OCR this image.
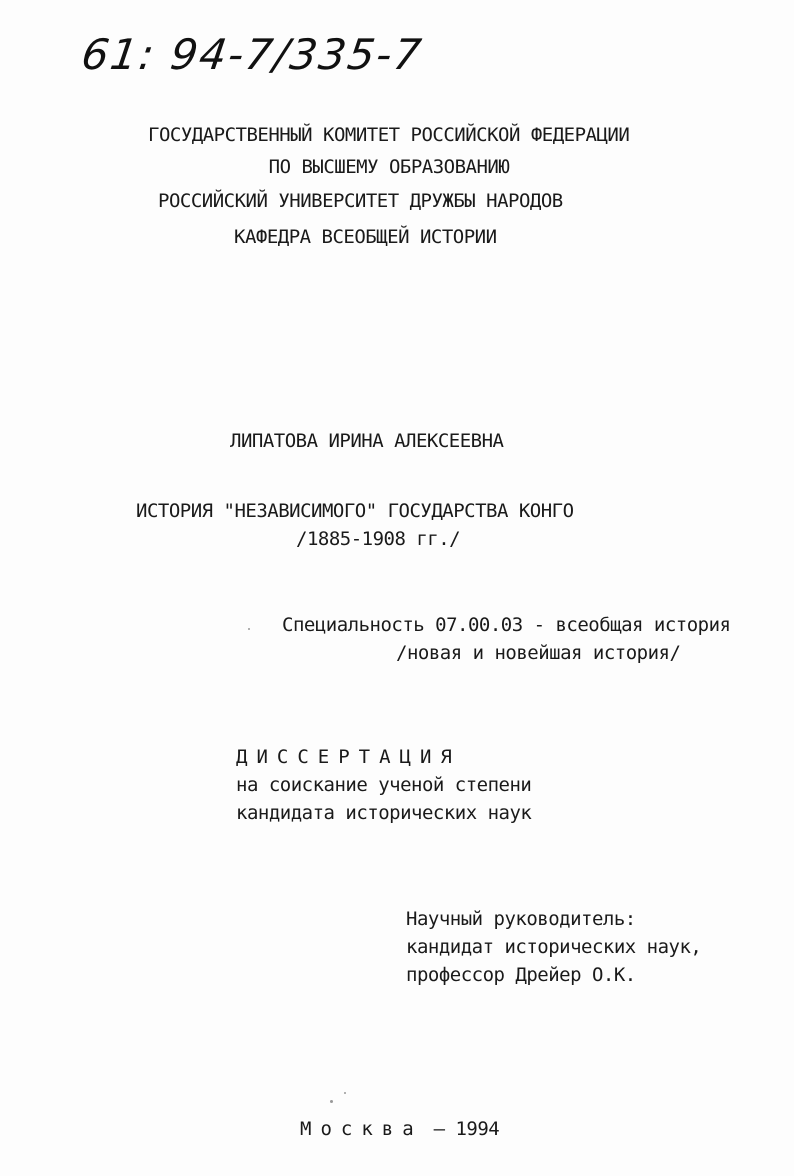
61: 94-7/335-7
ГОСУДАРСТВЕННЫЙ КОМИТЕТ РОССИЙСКОЙ ФЕДЕРАЦИИ
ПО ВЫСШЕМУ ОБРАЗОВАНИЮ
РОССИЙСКИЙ УНИВЕРСИТЕТ ДРУЖБЫ НАРОДОВ
КАФЕДРА ВСЕОБЩЕЙ ИСТОРИИ
ЛИПАТОВА ИРИНА АЛЕКСЕЕВНА
ИСТОРИЯ "НЕЗАВИСИМОГО" ГОСУДАРСТВА КОНГО
/1885-1908 гг./
Специальность 07.00.03 - всеобщая история
/новая и новейшая история/
ДИССЕРТАЦИЯ
на соискание ученой степени
кандидата исторических наук
Научный руководитель:
кандидат исторических наук,
профессор Дрейер О.К.
Москва – 1994
